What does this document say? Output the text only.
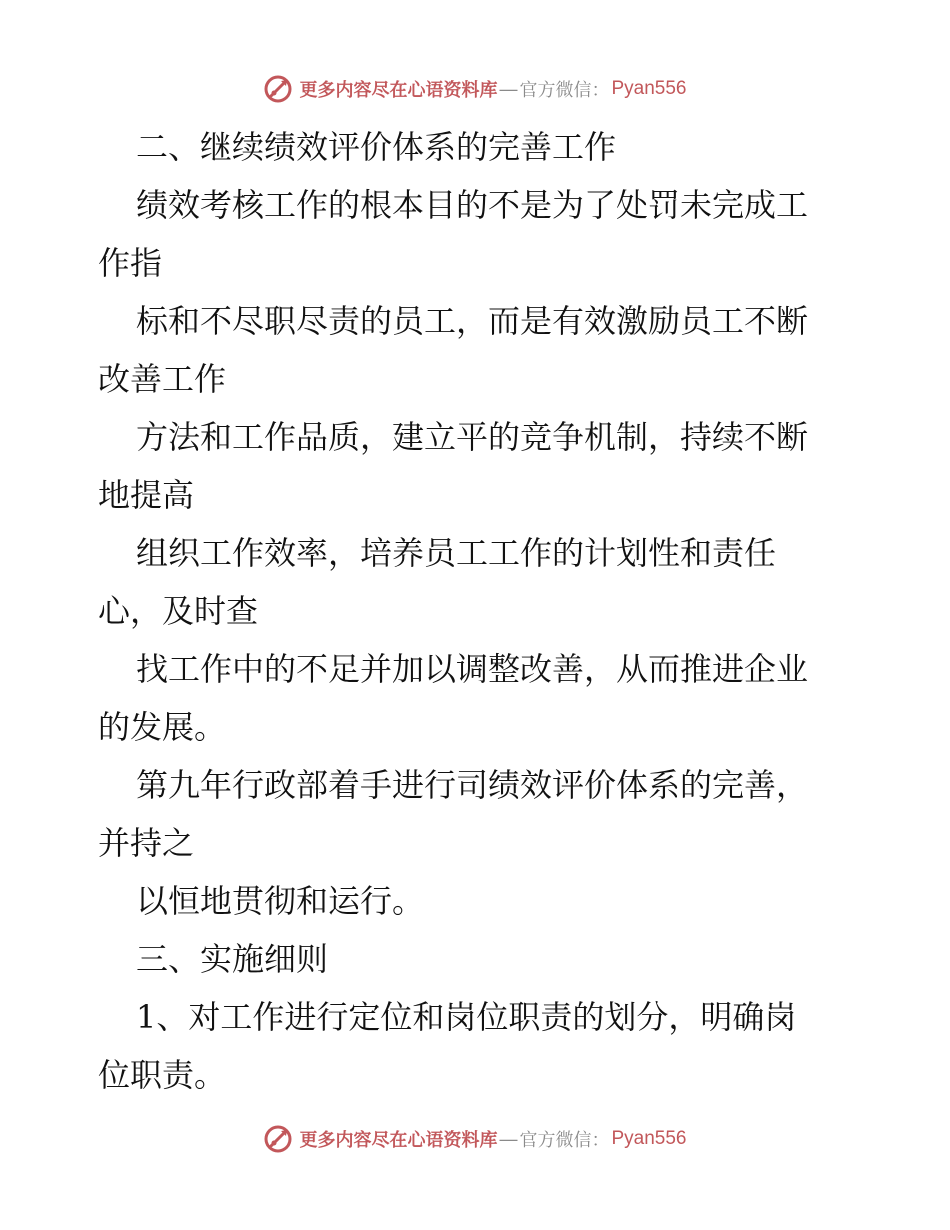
更多内容尽在心语资料库 — 官方微信： Pyan556
二、继续绩效评价体系的完善工作
绩效考核工作的根本目的不是为了处罚未完成工
作指
标和不尽职尽责的员工，而是有效激励员工不断
改善工作
方法和工作品质，建立平的竞争机制，持续不断
地提高
组织工作效率，培养员工工作的计划性和责任
心，及时查
找工作中的不足并加以调整改善，从而推进企业
的发展。
第九年行政部着手进行司绩效评价体系的完善，
并持之
以恒地贯彻和运行。
三、实施细则
1、对工作进行定位和岗位职责的划分，明确岗
位职责。
更多内容尽在心语资料库 — 官方微信： Pyan556
